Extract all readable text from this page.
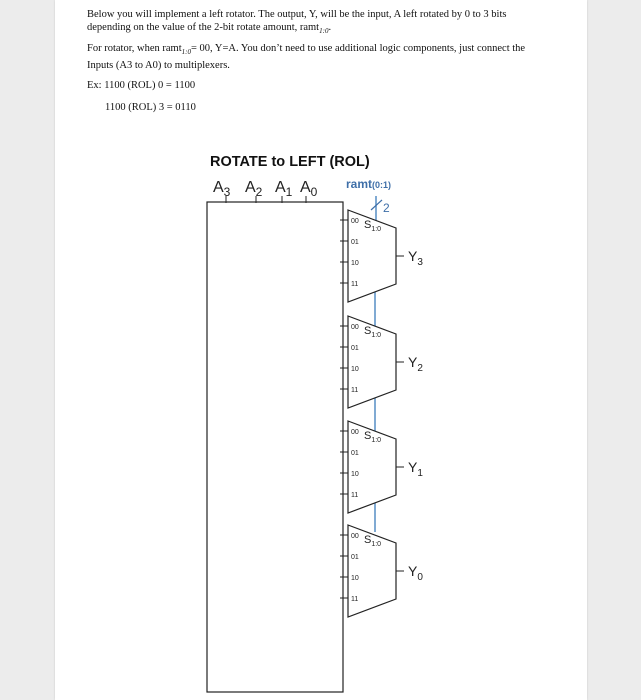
Below you will implement a left rotator. The output, Y, will be the input, A left rotated by 0 to 3 bits

depending on the value of the 2-bit rotate amount, ramt$_{1:0}$.

For rotator, when ramt$_{1:0}$= 00, Y=A. You don’t need to use additional logic components, just connect the

Inputs (A3 to A0) to multiplexers.

Ex: 1100 (ROL) 0 = 1100
1100 (ROL) 3 = 0110
ROTATE to LEFT (ROL)
$A_3$ $A_2$ $A_1$ $A_0$
ramt(0:1)
2
00
01
10
11
$S_{1:0}$
$Y_3$
00
01
10
11
$S_{1:0}$
$Y_2$
00
01
10
11
$S_{1:0}$
$Y_1$
00
01
10
11
$S_{1:0}$
$Y_0$
